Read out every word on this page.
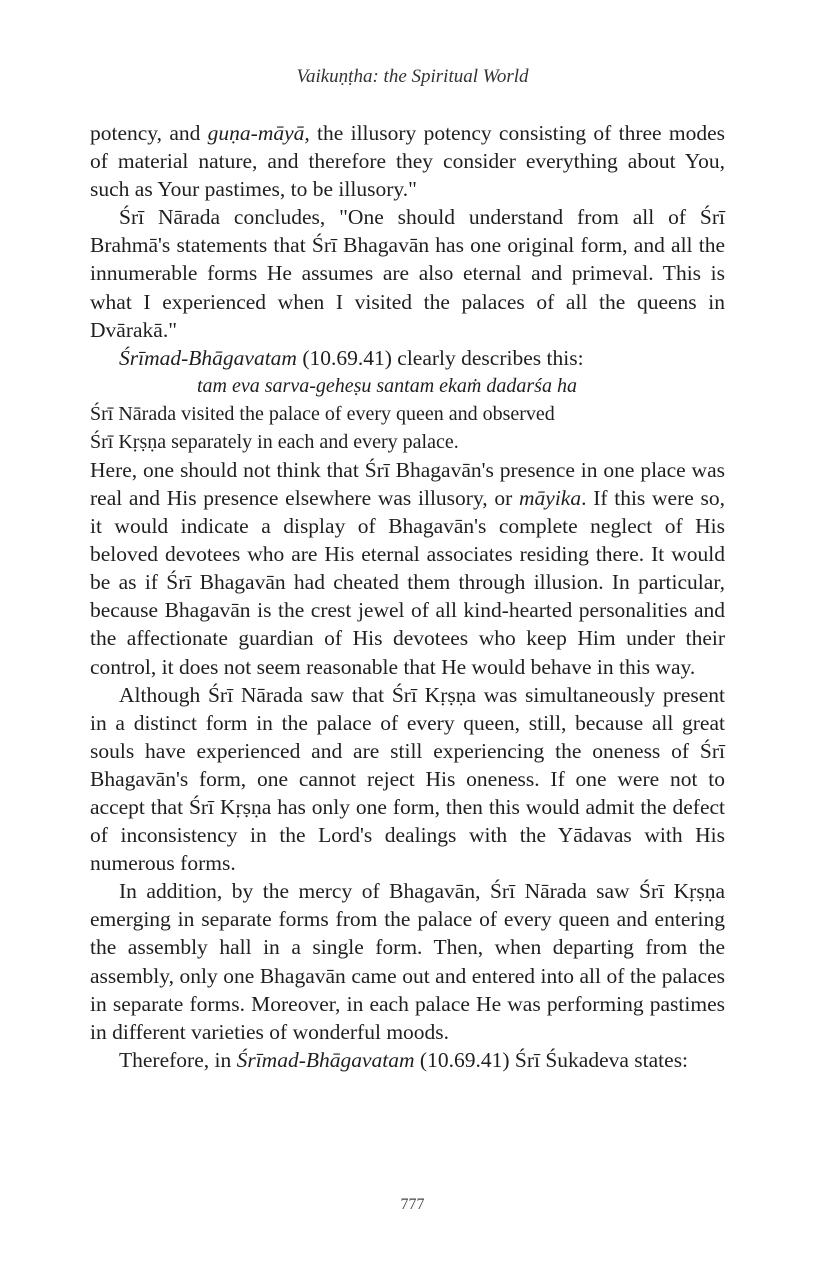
Vaikuṇṭha: the Spiritual World

potency, and guṇa-māyā, the illusory potency consisting of three modes of material nature, and therefore they consider everything about You, such as Your pastimes, to be illusory."

Śrī Nārada concludes, "One should understand from all of Śrī Brahmā's statements that Śrī Bhagavān has one original form, and all the innumerable forms He assumes are also eternal and primeval. This is what I experienced when I visited the palaces of all the queens in Dvārakā."

Śrīmad-Bhāgavatam (10.69.41) clearly describes this:

tam eva sarva-geheṣu santam ekaṁ dadarśa ha

Śrī Nārada visited the palace of every queen and observed
Śrī Kṛṣṇa separately in each and every palace.

Here, one should not think that Śrī Bhagavān's presence in one place was real and His presence elsewhere was illusory, or māyika. If this were so, it would indicate a display of Bhagavān's complete neglect of His beloved devotees who are His eternal associates residing there. It would be as if Śrī Bhagavān had cheated them through illusion. In particular, because Bhagavān is the crest jewel of all kind-hearted personalities and the affectionate guardian of His devotees who keep Him under their control, it does not seem reasonable that He would behave in this way.

Although Śrī Nārada saw that Śrī Kṛṣṇa was simultaneously present in a distinct form in the palace of every queen, still, because all great souls have experienced and are still experiencing the oneness of Śrī Bhagavān's form, one cannot reject His oneness. If one were not to accept that Śrī Kṛṣṇa has only one form, then this would admit the defect of inconsistency in the Lord's dealings with the Yādavas with His numerous forms.

In addition, by the mercy of Bhagavān, Śrī Nārada saw Śrī Kṛṣṇa emerging in separate forms from the palace of every queen and entering the assembly hall in a single form. Then, when departing from the assembly, only one Bhagavān came out and entered into all of the palaces in separate forms. Moreover, in each palace He was performing pastimes in different varieties of wonderful moods.

Therefore, in Śrīmad-Bhāgavatam (10.69.41) Śrī Śukadeva states:

777
